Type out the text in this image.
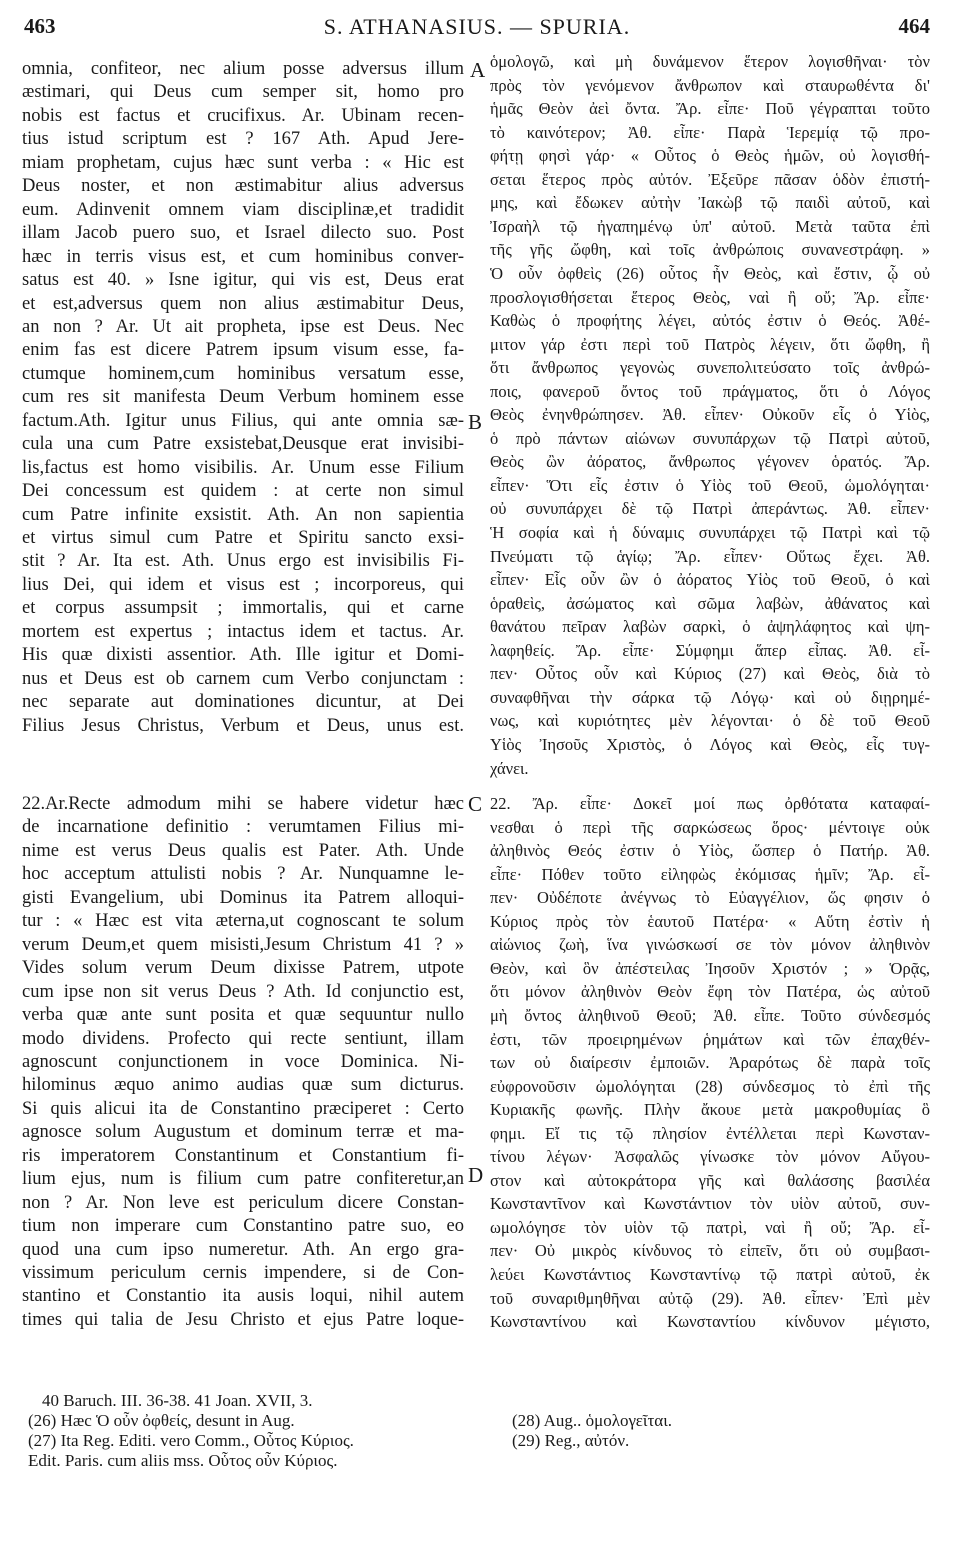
463	S. ATHANASIUS. — SPURIA.	464
omnia, confiteor, nec alium posse adversus illum
æstimari, qui Deus cum semper sit, homo pro
nobis est factus et crucifixus. Ar. Ubinam recen-
tius istud scriptum est ? 167 Ath. Apud Jere-
miam prophetam, cujus hæc sunt verba : « Hic est
Deus noster, et non æstimabitur alius adversus
eum. Adinvenit omnem viam disciplinæ,et tradidit
illam Jacob puero suo, et Israel dilecto suo. Post
hæc in terris visus est, et cum hominibus conver-
satus est 40. » Isne igitur, qui vis est, Deus erat
et est,adversus quem non alius æstimabitur Deus,
an non ? Ar. Ut ait propheta, ipse est Deus. Nec
enim fas est dicere Patrem ipsum visum esse, fa-
ctumque hominem,cum hominibus versatum esse,
cum res sit manifesta Deum Verbum hominem esse
factum.Ath. Igitur unus Filius, qui ante omnia sæ-
cula una cum Patre exsistebat,Deusque erat invisibi-
lis,factus est homo visibilis. Ar. Unum esse Filium
Dei concessum est quidem : at certe non simul
cum Patre infinite exsistit. Ath. An non sapientia
et virtus simul cum Patre et Spiritu sancto exsi-
stit ? Ar. Ita est. Ath. Unus ergo est invisibilis Fi-
lius Dei, qui idem et visus est ; incorporeus, qui
et corpus assumpsit ; immortalis, qui et carne
mortem est expertus ; intactus idem et tactus. Ar.
His quæ dixisti assentior. Ath. Ille igitur et Domi-
nus et Deus est ob carnem cum Verbo conjunctam :
nec separate aut dominationes dicuntur, at Dei
Filius Jesus Christus, Verbum et Deus, unus est.
22.Ar.Recte admodum mihi se habere videtur hæc
de incarnatione definitio : verumtamen Filius mi-
nime est verus Deus qualis est Pater. Ath. Unde
hoc acceptum attulisti nobis ? Ar. Nunquamne le-
gisti Evangelium, ubi Dominus ita Patrem alloqui-
tur : « Hæc est vita æterna,ut cognoscant te solum
verum Deum,et quem misisti,Jesum Christum 41 ? »
Vides solum verum Deum dixisse Patrem, utpote
cum ipse non sit verus Deus ? Ath. Id conjunctio est,
verba quæ ante sunt posita et quæ sequuntur nullo
modo dividens. Profecto qui recte sentiunt, illam
agnoscunt conjunctionem in voce Dominica. Ni-
hilominus æquo animo audias quæ sum dicturus.
Si quis alicui ita de Constantino præciperet : Certo
agnosce solum Augustum et dominum terræ et ma-
ris imperatorem Constantinum et Constantium fi-
lium ejus, num is filium cum patre confiteretur,an
non ? Ar. Non leve est periculum dicere Constan-
tium non imperare cum Constantino patre suo, eo
quod una cum ipso numeretur. Ath. An ergo gra-
vissimum periculum cernis impendere, si de Con-
stantino et Constantio ita ausis loqui, nihil autem
times qui talia de Jesu Christo et ejus Patre loque-
ὁμολογῶ, καὶ μὴ δυνάμενον ἕτερον λογισθῆναι· τὸν
πρὸς τὸν γενόμενον ἄνθρωπον καὶ σταυρωθέντα δι'
ἡμᾶς Θεὸν ἀεὶ ὄντα. Ἄρ. εἶπε· Ποῦ γέγραπται τοῦτο
τὸ καινότερον; Ἀθ. εἶπε· Παρὰ Ἱερεμίᾳ τῷ προ-
φήτῃ φησὶ γάρ· « Οὗτος ὁ Θεὸς ἡμῶν, οὐ λογισθή-
σεται ἕτερος πρὸς αὐτόν. Ἐξεῦρε πᾶσαν ὁδὸν ἐπιστή-
μης, καὶ ἔδωκεν αὐτὴν Ἰακὼβ τῷ παιδὶ αὐτοῦ, καὶ
Ἰσραὴλ τῷ ἠγαπημένῳ ὑπ' αὐτοῦ. Μετὰ ταῦτα ἐπὶ
τῆς γῆς ὤφθη, καὶ τοῖς ἀνθρώποις συνανεστράφη. »
Ὁ οὖν ὀφθεὶς (26) οὗτος ἦν Θεὸς, καὶ ἔστιν, ᾧ οὐ
προσλογισθήσεται ἕτερος Θεὸς, ναὶ ἢ οὔ; Ἄρ. εἶπε·
Καθὼς ὁ προφήτης λέγει, αὐτός ἐστιν ὁ Θεός. Ἀθέ-
μιτον γάρ ἐστι περὶ τοῦ Πατρὸς λέγειν, ὅτι ὤφθη, ἢ
ὅτι ἄνθρωπος γεγονὼς συνεπολιτεύσατο τοῖς ἀνθρώ-
ποις, φανεροῦ ὄντος τοῦ πράγματος, ὅτι ὁ Λόγος
Θεὸς ἐνηνθρώπησεν. Ἀθ. εἶπεν· Οὐκοῦν εἷς ὁ Υἱὸς,
ὁ πρὸ πάντων αἰώνων συνυπάρχων τῷ Πατρὶ αὐτοῦ,
Θεὸς ὢν ἀόρατος, ἄνθρωπος γέγονεν ὁρατός. Ἄρ.
εἶπεν· Ὅτι εἷς ἐστιν ὁ Υἱὸς τοῦ Θεοῦ, ὡμολόγηται·
οὐ συνυπάρχει δὲ τῷ Πατρὶ ἀπεράντως. Ἀθ. εἶπεν·
Ἡ σοφία καὶ ἡ δύναμις συνυπάρχει τῷ Πατρὶ καὶ τῷ
Πνεύματι τῷ ἁγίῳ; Ἄρ. εἶπεν· Οὕτως ἔχει. Ἀθ.
εἶπεν· Εἷς οὖν ὢν ὁ ἀόρατος Υἱὸς τοῦ Θεοῦ, ὁ καὶ
ὁραθεὶς, ἀσώματος καὶ σῶμα λαβὼν, ἀθάνατος καὶ
θανάτου πεῖραν λαβὼν σαρκὶ, ὁ ἀψηλάφητος καὶ ψη-
λαφηθείς. Ἄρ. εἶπε· Σύμφημι ἅπερ εἶπας. Ἀθ. εἶ-
πεν· Οὗτος οὖν καὶ Κύριος (27) καὶ Θεὸς, διὰ τὸ
συναφθῆναι τὴν σάρκα τῷ Λόγῳ· καὶ οὐ διῃρημέ-
νως, καὶ κυριότητες μὲν λέγονται· ὁ δὲ τοῦ Θεοῦ
Υἱὸς Ἰησοῦς Χριστὸς, ὁ Λόγος καὶ Θεὸς, εἷς τυγ-
χάνει.
22. Ἄρ. εἶπε· Δοκεῖ μοί πως ὀρθότατα καταφαί-
νεσθαι ὁ περὶ τῆς σαρκώσεως ὅρος· μέντοιγε οὐκ
ἀληθινὸς Θεός ἐστιν ὁ Υἱὸς, ὥσπερ ὁ Πατήρ. Ἀθ.
εἶπε· Πόθεν τοῦτο εἰληφὼς ἐκόμισας ἡμῖν; Ἄρ. εἶ-
πεν· Οὐδέποτε ἀνέγνως τὸ Εὐαγγέλιον, ὥς φησιν ὁ
Κύριος πρὸς τὸν ἑαυτοῦ Πατέρα· « Αὕτη ἐστὶν ἡ
αἰώνιος ζωὴ, ἵνα γινώσκωσί σε τὸν μόνον ἀληθινὸν
Θεὸν, καὶ ὃν ἀπέστειλας Ἰησοῦν Χριστόν ; » Ὁρᾷς,
ὅτι μόνον ἀληθινὸν Θεὸν ἔφη τὸν Πατέρα, ὡς αὐτοῦ
μὴ ὄντος ἀληθινοῦ Θεοῦ; Ἀθ. εἶπε. Τοῦτο σύνδεσμός
ἐστι, τῶν προειρημένων ῥημάτων καὶ τῶν ἐπαχθέν-
των οὐ διαίρεσιν ἐμποιῶν. Ἀραρότως δὲ παρὰ τοῖς
εὐφρονοῦσιν ὡμολόγηται (28) σύνδεσμος τὸ ἐπὶ τῆς
Κυριακῆς φωνῆς. Πλὴν ἄκουε μετὰ μακροθυμίας ὃ
φημι. Εἴ τις τῷ πλησίον ἐντέλλεται περὶ Κωνσταν-
τίνου λέγων· Ἀσφαλῶς γίνωσκε τὸν μόνον Αὔγου-
στον καὶ αὐτοκράτορα γῆς καὶ θαλάσσης βασιλέα
Κωνσταντῖνον καὶ Κωνστάντιον τὸν υἱὸν αὐτοῦ, συν-
ωμολόγησε τὸν υἱὸν τῷ πατρὶ, ναὶ ἢ οὔ; Ἄρ. εἶ-
πεν· Οὐ μικρὸς κίνδυνος τὸ εἰπεῖν, ὅτι οὐ συμβασι-
λεύει Κωνστάντιος Κωνσταντίνῳ τῷ πατρὶ αὐτοῦ, ἐκ
τοῦ συναριθμηθῆναι αὐτῷ (29). Ἀθ. εἶπεν· Ἐπὶ μὲν
Κωνσταντίνου καὶ Κωνσταντίου κίνδυνον μέγιστο,
A
B
C
D
40 Baruch. III. 36-38. 41 Joan. XVII, 3.
(26) Hæc Ὁ οὖν ὀφθείς, desunt in Aug.
(27) Ita Reg. Editi. vero Comm., Οὗτος Κύριος.
Edit. Paris. cum aliis mss. Οὗτος οὖν Κύριος.
(28) Aug.. ὁμολογεῖται.
(29) Reg., αὐτόν.
